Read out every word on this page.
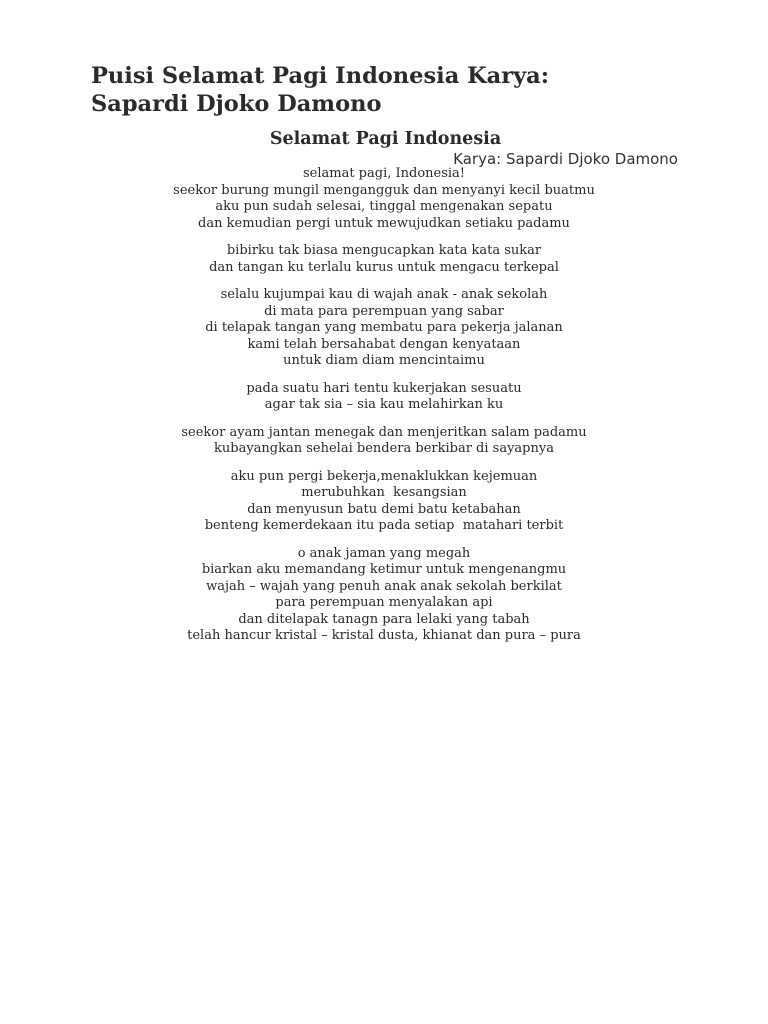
Puisi Selamat Pagi Indonesia Karya:
Sapardi Djoko Damono
Selamat Pagi Indonesia

Karya: Sapardi Djoko Damono

selamat pagi, Indonesia!
seekor burung mungil mengangguk dan menyanyi kecil buatmu
aku pun sudah selesai, tinggal mengenakan sepatu
dan kemudian pergi untuk mewujudkan setiaku padamu

bibirku tak biasa mengucapkan kata kata sukar
dan tangan ku terlalu kurus untuk mengacu terkepal

selalu kujumpai kau di wajah anak - anak sekolah
di mata para perempuan yang sabar
di telapak tangan yang membatu para pekerja jalanan
kami telah bersahabat dengan kenyataan
untuk diam diam mencintaimu

pada suatu hari tentu kukerjakan sesuatu
agar tak sia – sia kau melahirkan ku

seekor ayam jantan menegak dan menjeritkan salam padamu
kubayangkan sehelai bendera berkibar di sayapnya

aku pun pergi bekerja,menaklukkan kejemuan
merubuhkan  kesangsian
dan menyusun batu demi batu ketabahan
benteng kemerdekaan itu pada setiap  matahari terbit

o anak jaman yang megah
biarkan aku memandang ketimur untuk mengenangmu
wajah – wajah yang penuh anak anak sekolah berkilat
para perempuan menyalakan api
dan ditelapak tanagn para lelaki yang tabah
telah hancur kristal – kristal dusta, khianat dan pura – pura
